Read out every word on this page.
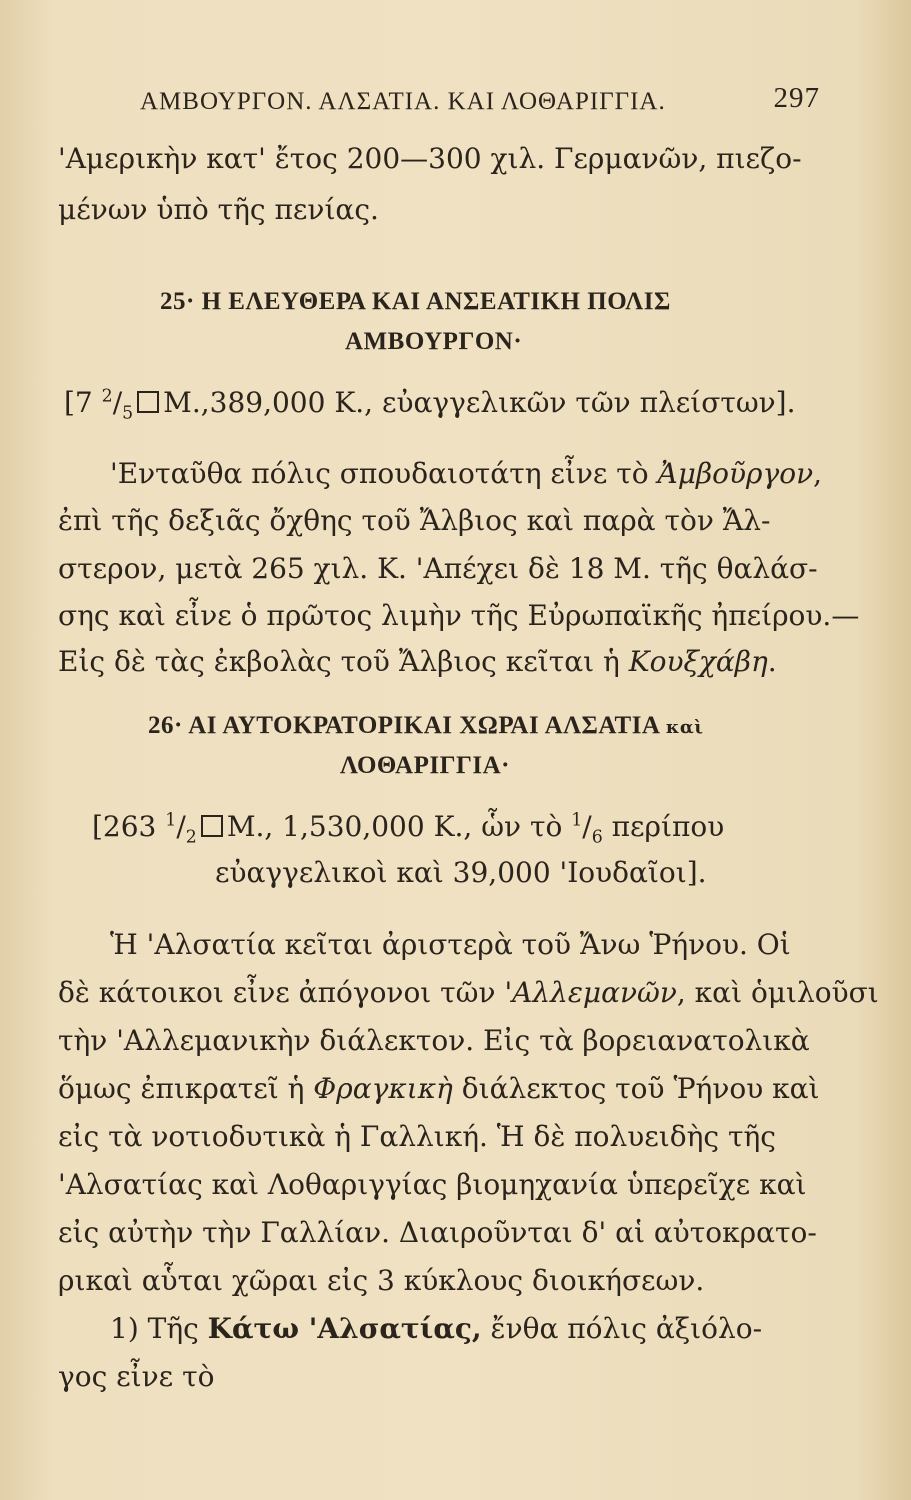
ΑΜΒΟΥΡΓΟΝ. ΑΛΣΑΤΙΑ. ΚΑΙ ΛΟΘΑΡΙΓΓΙΑ.	297
'Αμερικὴν κατ' ἔτος 200—300 χιλ. Γερμανῶν, πιεζο-
μένων ὑπὸ τῆς πενίας.
25· Η ΕΛΕΥΘΕΡΑ ΚΑΙ ΑΝΣΕΑΤΙΚΗ ΠΟΛΙΣ
ΑΜΒΟΥΡΓΟΝ·
[7 $^2/_5$ M.,389,000 K., εὐαγγελικῶν τῶν πλείστων].
'Ενταῦθα πόλις σπουδαιοτάτη εἶνε τὸ Ἀμβοῦργον,
ἐπὶ τῆς δεξιᾶς ὄχθης τοῦ Ἄλβιος καὶ παρὰ τὸν Ἄλ-
στερον, μετὰ 265 χιλ. Κ. 'Απέχει δὲ 18 Μ. τῆς θαλάσ-
σης καὶ εἶνε ὁ πρῶτος λιμὴν τῆς Εὐρωπαϊκῆς ἠπείρου.—
Εἰς δὲ τὰς ἐκβολὰς τοῦ Ἄλβιος κεῖται ἡ Κουξχάβη.
26· ΑΙ ΑΥΤΟΚΡΑΤΟΡΙΚΑΙ ΧΩΡΑΙ ΑΛΣΑΤΙΑ καὶ
ΛΟΘΑΡΙΓΓΙΑ·
[263 $^1/_2$ M., 1,530,000 K., ὧν τὸ $^1/_6$ περίπου
εὐαγγελικοὶ καὶ 39,000 'Ιουδαῖοι].
Ἡ 'Αλσατία κεῖται ἀριστερὰ τοῦ Ἄνω Ῥήνου. Οἱ
δὲ κάτοικοι εἶνε ἀπόγονοι τῶν 'Αλλεμανῶν, καὶ ὁμιλοῦσι
τὴν 'Αλλεμανικὴν διάλεκτον. Εἰς τὰ βορειανατολικὰ
ὅμως ἐπικρατεῖ ἡ Φραγκικὴ διάλεκτος τοῦ Ῥήνου καὶ
εἰς τὰ νοτιοδυτικὰ ἡ Γαλλική. Ἡ δὲ πολυειδὴς τῆς
'Αλσατίας καὶ Λοθαριγγίας βιομηχανία ὑπερεῖχε καὶ
εἰς αὐτὴν τὴν Γαλλίαν. Διαιροῦνται δ' αἱ αὐτοκρατο-
ρικαὶ αὗται χῶραι εἰς 3 κύκλους διοικήσεων.
1) Τῆς Κάτω 'Αλσατίας, ἔνθα πόλις ἀξιόλο-
γος εἶνε τὸ
